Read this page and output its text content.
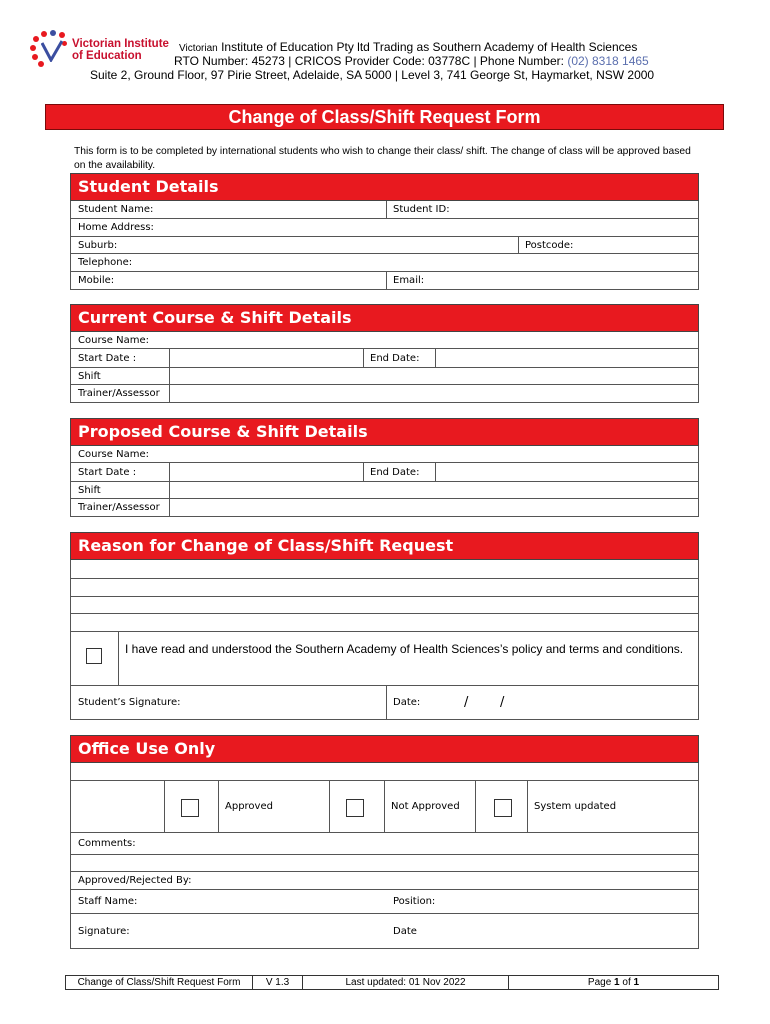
Victorian Institute
of Education
Victorian Institute of Education Pty ltd Trading as Southern Academy of Health Sciences
RTO Number: 45273 | CRICOS Provider Code: 03778C | Phone Number: (02) 8318 1465
Suite 2, Ground Floor, 97 Pirie Street, Adelaide, SA 5000 | Level 3, 741 George St, Haymarket, NSW 2000
Change of Class/Shift Request Form
This form is to be completed by international students who wish to change their class/ shift. The change of class will be approved based on the availability.
Student Details
Student Name:	Student ID:
Home Address:
Suburb:	Postcode:
Telephone:
Mobile:	Email:
Current Course & Shift Details
Course Name:
Start Date :	End Date:
Shift
Trainer/Assessor
Proposed Course & Shift Details
Course Name:
Start Date :	End Date:
Shift
Trainer/Assessor
Reason for Change of Class/Shift Request
I have read and understood the Southern Academy of Health Sciences’s policy and terms and conditions.
Student’s Signature:	Date:	/ /
Office Use Only
Approved	Not Approved	System updated
Comments:
Approved/Rejected By:
Staff Name:	Position:
Signature:	Date
Change of Class/Shift Request Form	V 1.3	Last updated: 01 Nov 2022	Page
1
of
1
